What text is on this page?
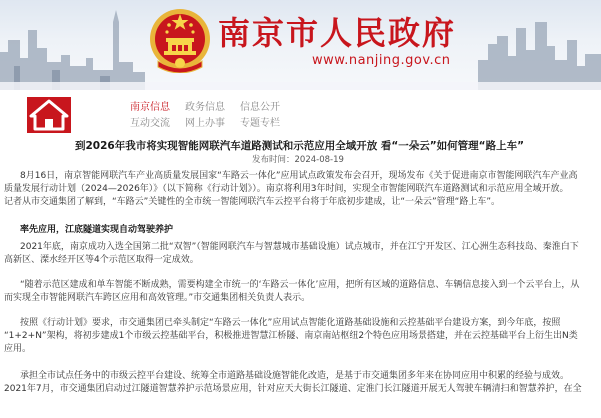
南京市人民政府
www.nanjing.gov.cn
南京信息 政务信息 信息公开
互动交流 网上办事 专题专栏
到2026年我市将实现智能网联汽车道路测试和示范应用全域开放 看“一朵云”如何管理“路上车”
发布时间：2024-08-19
8月16日，南京智能网联汽车产业高质量发展国家“车路云一体化”应用试点政策发布会召开，现场发布《关于促进南京市智能网联汽车产业高
质量发展行动计划（2024—2026年）》（以下简称《行动计划》）。南京将利用3年时间，实现全市智能网联汽车道路测试和示范应用全域开放。
记者从市交通集团了解到，“车路云”关键性的全市统一智能网联汽车云控平台将于年底初步建成，让“一朵云”管理“路上车”。
率先应用，江底隧道实现自动驾驶养护
2021年底，南京成功入选全国第二批“双智”（智能网联汽车与智慧城市基础设施）试点城市，并在江宁开发区、江心洲生态科技岛、秦淮白下
高新区、溧水经开区等4个示范区取得一定成效。
“随着示范区建成和单车智能不断成熟，需要构建全市统一的‘车路云一体化’应用，把所有区域的道路信息、车辆信息接入到一个云平台上，从
而实现全市智能网联汽车跨区应用和高效管理。”市交通集团相关负责人表示。
按照《行动计划》要求，市交通集团已牵头制定“车路云一体化”应用试点智能化道路基础设施和云控基础平台建设方案，到今年底，按照
“1+2+N”架构，将初步建成1个市级云控基础平台，积极推进智慧江桥隧、南京南站枢纽2个特色应用场景搭建，并在云控基础平台上衍生出N类
应用。
承担全市试点任务中的市级云控平台建设、统筹全市道路基础设施智能化改造，是基于市交通集团多年来在协同应用中积累的经验与成效。
2021年7月，市交通集团启动过江隧道智慧养护示范场景应用，针对应天大街长江隧道、定淮门长江隧道开展无人驾驶车辆清扫和智慧养护，在全
